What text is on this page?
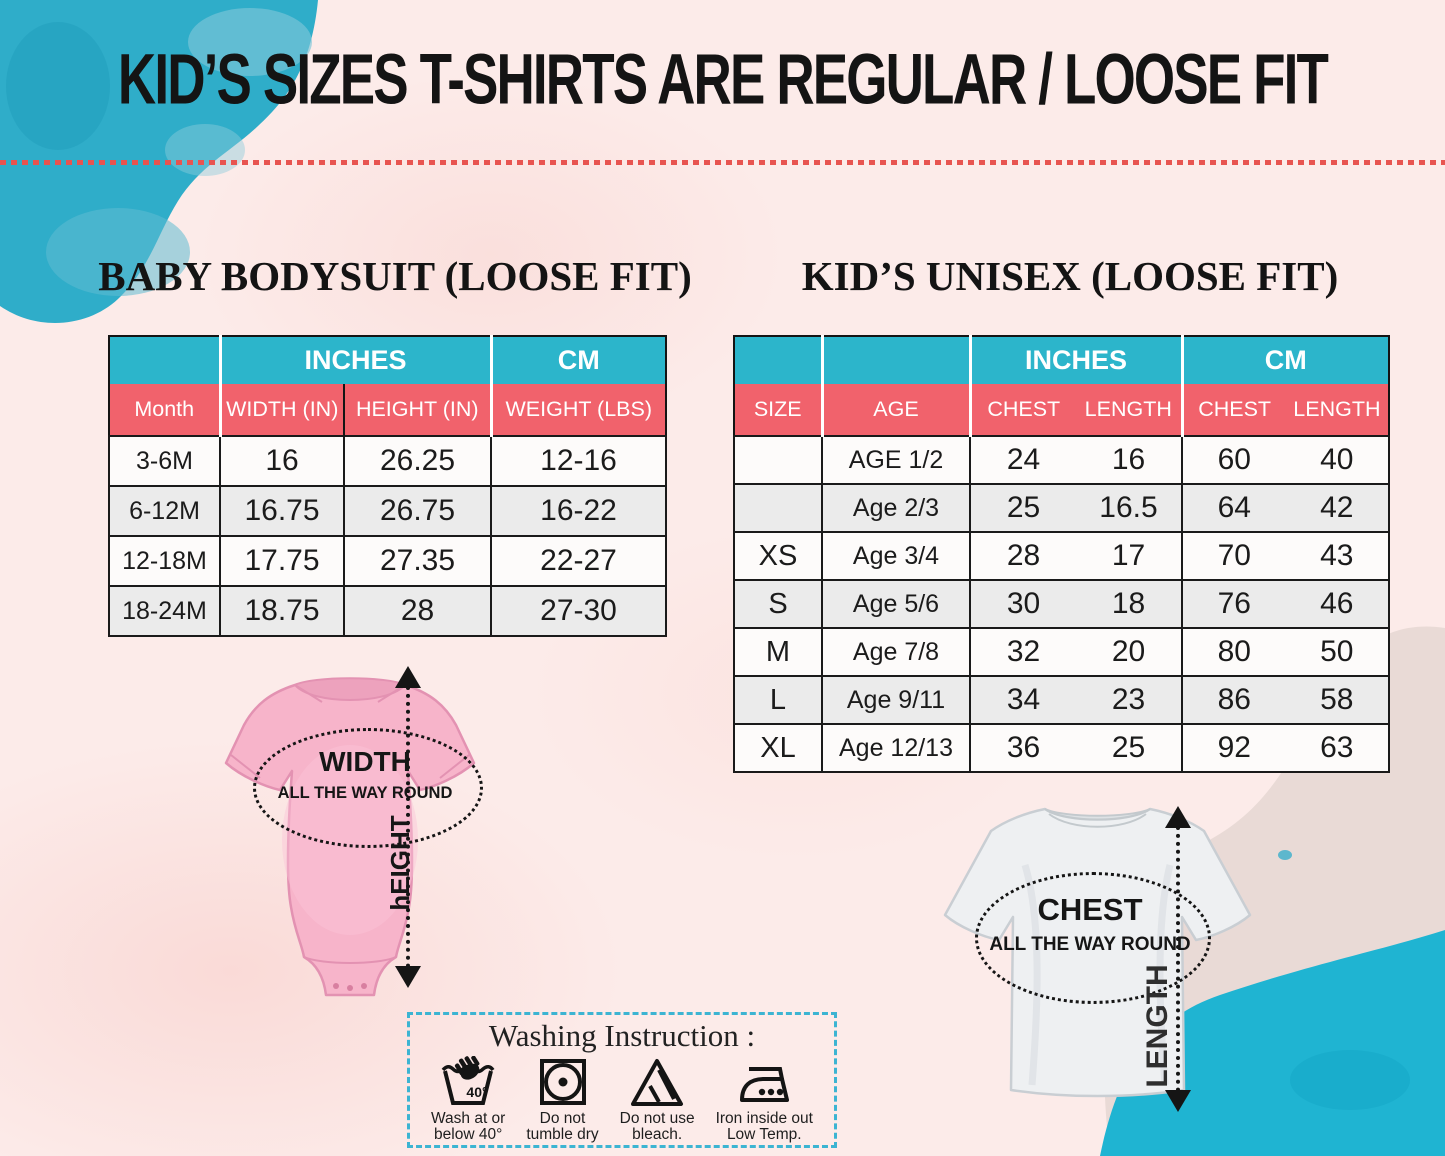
KID’S SIZES T-SHIRTS ARE REGULAR / LOOSE FIT
BABY BODYSUIT (LOOSE FIT)	KID’S UNISEX (LOOSE FIT)
	INCHES		CM
Month	WIDTH (IN)	HEIGHT (IN)	WEIGHT (LBS)
3-6M	16	26.25	12-16
6-12M	16.75	26.75	16-22
12-18M	17.75	27.35	22-27
18-24M	18.75	28	27-30
		INCHES	CM
SIZE	AGE	CHEST LENGTH	CHEST LENGTH

	AGE 1/2	24 16	60 40

	Age 2/3	25 16.5	64 42

XS	Age 3/4	28 17	70 43

S	Age 5/6	30 18	76 46

M	Age 7/8	32 20	80 50

L	Age 9/11	34 23	86 58

XL	Age 12/13	36 25	92 63
WIDTH
ALL THE WAY ROUND
hEIGHT	CHEST
ALL THE WAY ROUND
LENGTH
Washing Instruction :
40°
Wash at or
below 40°
Do not
tumble dry
Do not use
bleach.
Iron inside out
Low Temp.
